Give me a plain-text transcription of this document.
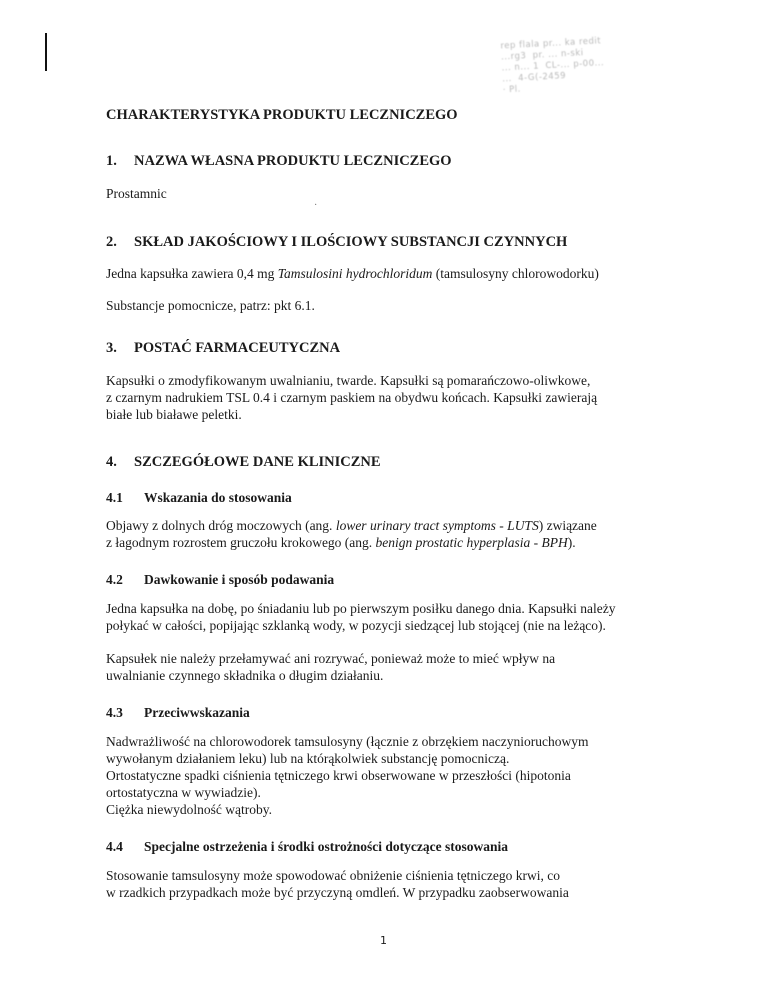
rep flala pr... ka redit
...rg3  pr. ... n-ski
... n... 1  CL-... p-00...
...  4-G(-2459
· Pl.
CHARAKTERYSTYKA PRODUKTU LECZNICZEGO
1. NAZWA WŁASNA PRODUKTU LECZNICZEGO
Prostamnic
·
2. SKŁAD JAKOŚCIOWY I ILOŚCIOWY SUBSTANCJI CZYNNYCH
Jedna kapsułka zawiera 0,4 mg Tamsulosini hydrochloridum (tamsulosyny chlorowodorku)
Substancje pomocnicze, patrz: pkt 6.1.
3. POSTAĆ FARMACEUTYCZNA
Kapsułki o zmodyfikowanym uwalnianiu, twarde. Kapsułki są pomarańczowo-oliwkowe,
z czarnym nadrukiem TSL 0.4 i czarnym paskiem na obydwu końcach. Kapsułki zawierają
białe lub białawe peletki.
4. SZCZEGÓŁOWE DANE KLINICZNE
4.1 Wskazania do stosowania
Objawy z dolnych dróg moczowych (ang. lower urinary tract symptoms - LUTS) związane
z łagodnym rozrostem gruczołu krokowego (ang. benign prostatic hyperplasia - BPH).
4.2 Dawkowanie i sposób podawania
Jedna kapsułka na dobę, po śniadaniu lub po pierwszym posiłku danego dnia. Kapsułki należy
połykać w całości, popijając szklanką wody, w pozycji siedzącej lub stojącej (nie na leżąco).
Kapsułek nie należy przełamywać ani rozrywać, ponieważ może to mieć wpływ na
uwalnianie czynnego składnika o długim działaniu.
4.3 Przeciwwskazania
Nadwrażliwość na chlorowodorek tamsulosyny (łącznie z obrzękiem naczynioruchowym
wywołanym działaniem leku) lub na którąkolwiek substancję pomocniczą.
Ortostatyczne spadki ciśnienia tętniczego krwi obserwowane w przeszłości (hipotonia
ortostatyczna w wywiadzie).
Ciężka niewydolność wątroby.
4.4 Specjalne ostrzeżenia i środki ostrożności dotyczące stosowania
Stosowanie tamsulosyny może spowodować obniżenie ciśnienia tętniczego krwi, co
w rzadkich przypadkach może być przyczyną omdleń. W przypadku zaobserwowania
1
